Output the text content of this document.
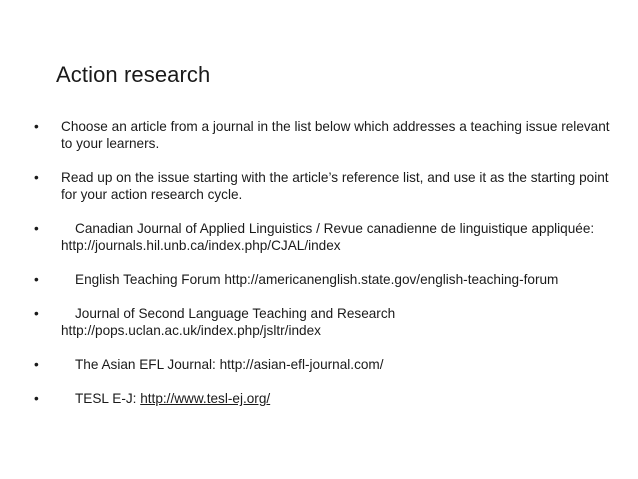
Action research
• Choose an article from a journal in the list below which addresses a teaching issue relevant to your learners.
• Read up on the issue starting with the article’s reference list, and use it as the starting point for your action research cycle.
•	Canadian Journal of Applied Linguistics / Revue canadienne de linguistique appliquée:
http://journals.hil.unb.ca/index.php/CJAL/index
•	English Teaching Forum http://americanenglish.state.gov/english-teaching-forum
•	Journal of Second Language Teaching and Research http://pops.uclan.ac.uk/index.php/jsltr/index
•	The Asian EFL Journal: http://asian-efl-journal.com/
•	TESL E-J: http://www.tesl-ej.org/
